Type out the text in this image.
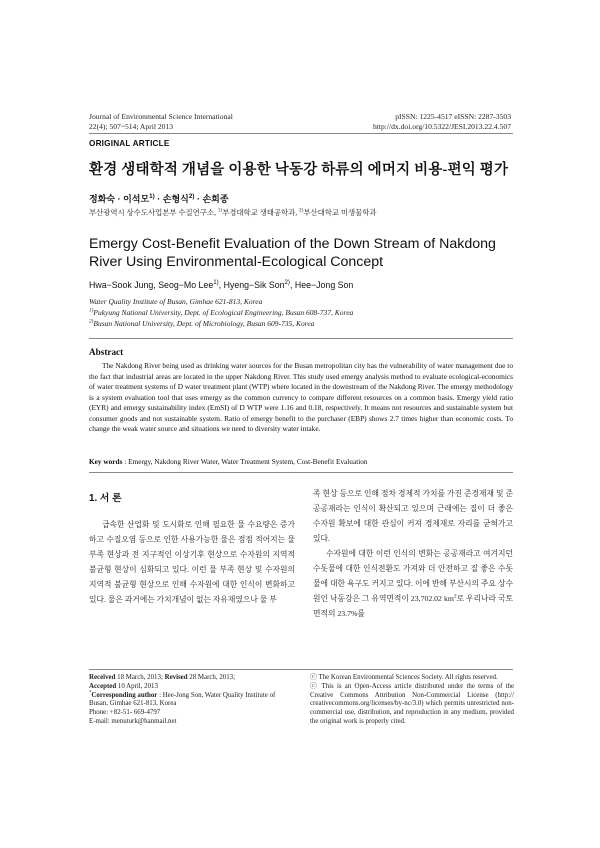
Journal of Environmental Science International
22(4); 507~514; April 2013
pISSN: 1225-4517 eISSN: 2287-3503
http://dx.doi.org/10.5322/JESI.2013.22.4.507
ORIGINAL ARTICLE
환경 생태학적 개념을 이용한 낙동강 하류의 에머지 비용-편익 평가
정화숙 · 이석모$^{1)}$ · 손형식$^{2)}$ · 손희종
부산광역시 상수도사업본부 수질연구소, $^{1)}$부경대학교 생태공학과, $^{2)}$부산대학교 미생물학과
Emergy Cost-Benefit Evaluation of the Down Stream of Nakdong River Using Environmental-Ecological Concept
Hwa−Sook Jung, Seog−Mo Lee$^{1)}$, Hyeng−Sik Son$^{2)}$, Hee−Jong Son
Water Quality Institute of Busan, Gimhae 621-813, Korea
$^{1)}$Pukyung National University, Dept. of Ecological Engineering, Busan 608-737, Korea
$^{2)}$Busan National University, Dept. of Microbiology, Busan 609-735, Korea
Abstract
The Nakdong River being used as drinking water sources for the Busan metropolitan city has the vulnerability of water management due to the fact that industrial areas are located in the upper Nakdong River. This study used emergy analysis method to evaluate ecological-economics of water treatment systems of D water treatment plant (WTP) where located in the downstream of the Nakdong River. The emergy methodology is a system evaluation tool that uses emergy as the common currency to compare different resources on a common basis. Emergy yield ratio (EYR) and emergy sustainability index (EmSI) of D WTP were 1.16 and 0.18, respectively. It means not resources and sustainable system but consumer goods and not sustainable system. Ratio of emergy benefit to the purchaser (EBP) shows 2.7 times higher than economic costs. To change the weak water source and situations we need to diversity water intake.
Key words : Emergy, Nakdong River Water, Water Treatment System, Cost-Benefit Evaluation
1. 서 론
급속한 산업화 및 도시화로 인해 필요한 물 수요량은 증가하고 수질오염 등으로 인한 사용가능한 물은 점점 적어지는 물 부족 현상과 전 지구적인 이상기후 현상으로 수자원의 지역적 불균형 현상이 심화되고 있다. 이런 물 부족 현상 및 수자원의 지역적 불균형 현상으로 인해 수자원에 대한 인식이 변화하고 있다. 물은 과거에는 가치개념이 없는 자유재였으나 물 부

족 현상 등으로 인해 점차 경제적 가치를 가진 준경제재 및 준공공재라는 인식이 확산되고 있으며 근래에는 질이 더 좋은 수자원 확보에 대한 관심이 커져 경제재로 자리를 굳혀가고 있다.

수자원에 대한 이런 인식의 변화는 공공재라고 여겨지던 수돗물에 대한 인식전환도 가져와 더 안전하고 질 좋은 수돗물에 대한 욕구도 커지고 있다. 이에 반해 부산시의 주요 상수원인 낙동강은 그 유역면적이 23,702.02 $km^2$로 우리나라 국토면적의 23.7%를

Received 18 March, 2013; Revised 28 March, 2013;
Accepted 10 April, 2013
*Corresponding author : Hee-Jong Son, Water Quality Institute of Busan, Gimhae 621-813, Korea
Phone: +82-51- 669-4797
E-mail: menuturk@hanmail.net
ⓒ The Korean Environmental Sciences Society. All rights reserved.
ⓒ This is an Open-Access article distributed under the terms of the Creative Commons Attribution Non-Commercial License (http:// creativecommons.org/licenses/by-nc/3.0) which permits unrestricted non-commercial use, distribution, and reproduction in any medium, provided the original work is properly cited.
